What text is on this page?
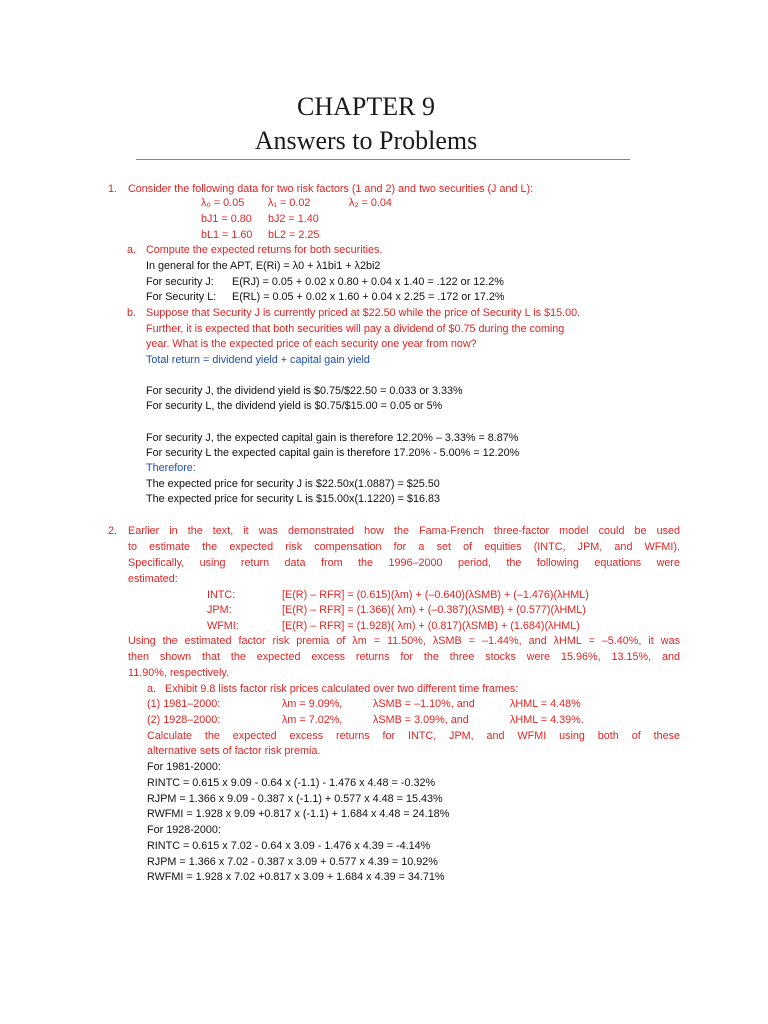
CHAPTER 9
Answers to Problems
1. Consider the following data for two risk factors (1 and 2) and two securities (J and L):
λ₀ = 0.05 λ₁ = 0.02	λ₂ = 0.04
bJ1 = 0.80 bJ2 = 1.40
bL1 = 1.60 bL2 = 2.25
a. Compute the expected returns for both securities.
In general for the APT, E(Ri) = λ0 + λ1bi1 + λ2bi2
For security J: E(RJ) = 0.05 + 0.02 x 0.80 + 0.04 x 1.40 = .122 or 12.2%
For Security L: E(RL) = 0.05 + 0.02 x 1.60 + 0.04 x 2.25 = .172 or 17.2%
b. Suppose that Security J is currently priced at $22.50 while the price of Security L is $15.00.
Further, it is expected that both securities will pay a dividend of $0.75 during the coming
year. What is the expected price of each security one year from now?
Total return = dividend yield + capital gain yield
For security J, the dividend yield is $0.75/$22.50 = 0.033 or 3.33%
For security L, the dividend yield is $0.75/$15.00 = 0.05 or 5%
For security J, the expected capital gain is therefore 12.20% – 3.33% = 8.87%
For security L the expected capital gain is therefore 17.20% - 5.00% = 12.20%
Therefore:
The expected price for security J is $22.50x(1.0887) = $25.50
The expected price for security L is $15.00x(1.1220) = $16.83
2. Earlier in the text, it was demonstrated how the Fama-French three-factor model could be used
to estimate the expected risk compensation for a set of equities (INTC, JPM, and WFMI).
Specifically, using return data from the 1996–2000 period, the following equations were
estimated:
INTC:	[E(R) – RFR] = (0.615)(λm) + (–0.640)(λSMB) + (–1.476)(λHML)
JPM:	[E(R) – RFR] = (1.366)( λm) + (–0.387)(λSMB) + (0.577)(λHML)
WFMI:	[E(R) – RFR] = (1.928)( λm) + (0.817)(λSMB) + (1.684)(λHML)
Using the estimated factor risk premia of λm = 11.50%, λSMB = –1.44%, and λHML = –5.40%, it was
then shown that the expected excess returns for the three stocks were 15.96%, 13.15%, and
11.90%, respectively.
a. Exhibit 9.8 lists factor risk prices calculated over two different time frames:
(1) 1981–2000:	λm = 9.09%,	λSMB = –1.10%, and	λHML = 4.48%
(2) 1928–2000:	λm = 7.02%,	λSMB = 3.09%, and	λHML = 4.39%.
Calculate the expected excess returns for INTC, JPM, and WFMI using both of these
alternative sets of factor risk premia.
For 1981-2000:
RINTC = 0.615 x 9.09 - 0.64 x (-1.1) - 1.476 x 4.48 = -0.32%
RJPM = 1.366 x 9.09 - 0.387 x (-1.1) + 0.577 x 4.48 = 15.43%
RWFMI = 1.928 x 9.09 +0.817 x (-1.1) + 1.684 x 4.48 = 24.18%
For 1928-2000:
RINTC = 0.615 x 7.02 - 0.64 x 3.09 - 1.476 x 4.39 = -4.14%
RJPM = 1.366 x 7.02 - 0.387 x 3.09 + 0.577 x 4.39 = 10.92%
RWFMI = 1.928 x 7.02 +0.817 x 3.09 + 1.684 x 4.39 = 34.71%
